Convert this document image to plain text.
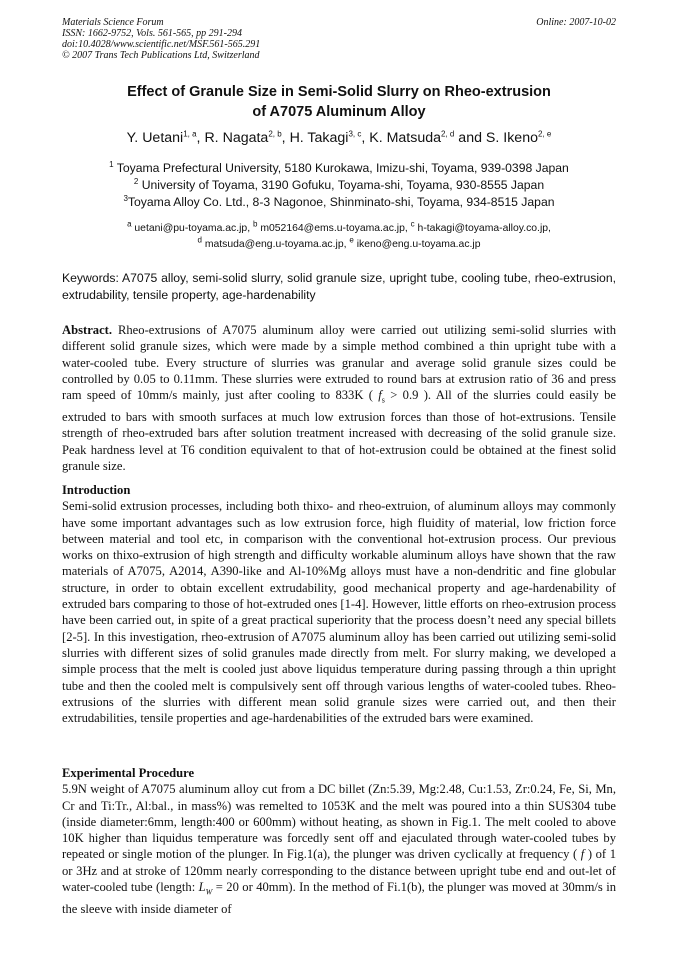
Materials Science Forum
ISSN: 1662-9752, Vols. 561-565, pp 291-294
doi:10.4028/www.scientific.net/MSF.561-565.291
© 2007 Trans Tech Publications Ltd, Switzerland
Online: 2007-10-02
Effect of Granule Size in Semi-Solid Slurry on Rheo-extrusion
of A7075 Aluminum Alloy
Y. Uetani$^{1, a}$, R. Nagata$^{2, b}$, H. Takagi$^{3, c}$, K. Matsuda$^{2, d}$ and S. Ikeno$^{2, e}$
$^1$ Toyama Prefectural University, 5180 Kurokawa, Imizu-shi, Toyama, 939-0398 Japan
$^2$ University of Toyama, 3190 Gofuku, Toyama-shi, Toyama, 930-8555 Japan
$^3$Toyama Alloy Co. Ltd., 8-3 Nagonoe, Shinminato-shi, Toyama, 934-8515 Japan
$^a$ uetani@pu-toyama.ac.jp, $^b$ m052164@ems.u-toyama.ac.jp, $^c$ h-takagi@toyama-alloy.co.jp,
$^d$ matsuda@eng.u-toyama.ac.jp, $^e$ ikeno@eng.u-toyama.ac.jp
Keywords: A7075 alloy, semi-solid slurry, solid granule size, upright tube, cooling tube, rheo-extrusion, extrudability, tensile property, age-hardenability
Abstract. Rheo-extrusions of A7075 aluminum alloy were carried out utilizing semi-solid slurries with different solid granule sizes, which were made by a simple method combined a thin upright tube with a water-cooled tube. Every structure of slurries was granular and average solid granule sizes could be controlled by 0.05 to 0.11mm. These slurries were extruded to round bars at extrusion ratio of 36 and press ram speed of 10mm/s mainly, just after cooling to 833K ( $f_s > 0.9$ ). All of the slurries could easily be extruded to bars with smooth surfaces at much low extrusion forces than those of hot-extrusions. Tensile strength of rheo-extruded bars after solution treatment increased with decreasing of the solid granule size. Peak hardness level at T6 condition equivalent to that of hot-extrusion could be obtained at the finest solid granule size.
Introduction
Semi-solid extrusion processes, including both thixo- and rheo-extruion, of aluminum alloys may commonly have some important advantages such as low extrusion force, high fluidity of material, low friction force between material and tool etc, in comparison with the conventional hot-extrusion process. Our previous works on thixo-extrusion of high strength and difficulty workable aluminum alloys have shown that the raw materials of A7075, A2014, A390-like and Al-10%Mg alloys must have a non-dendritic and fine globular structure, in order to obtain excellent extrudability, good mechanical property and age-hardenability of extruded bars comparing to those of hot-extruded ones [1-4]. However, little efforts on rheo-extrusion process have been carried out, in spite of a great practical superiority that the process doesn’t need any special billets [2-5]. In this investigation, rheo-extrusion of A7075 aluminum alloy has been carried out utilizing semi-solid slurries with different sizes of solid granules made directly from melt. For slurry making, we developed a simple process that the melt is cooled just above liquidus temperature during passing through a thin upright tube and then the cooled melt is compulsively sent off through various lengths of water-cooled tubes. Rheo-extrusions of the slurries with different mean solid granule sizes were carried out, and then their extrudabilities, tensile properties and age-hardenabilities of the extruded bars were examined.
Experimental Procedure
5.9N weight of A7075 aluminum alloy cut from a DC billet (Zn:5.39, Mg:2.48, Cu:1.53, Zr:0.24, Fe, Si, Mn, Cr and Ti:Tr., Al:bal., in mass%) was remelted to 1053K and the melt was poured into a thin SUS304 tube (inside diameter:6mm, length:400 or 600mm) without heating, as shown in Fig.1. The melt cooled to above 10K higher than liquidus temperature was forcedly sent off and ejaculated through water-cooled tubes by repeated or single motion of the plunger. In Fig.1(a), the plunger was driven cyclically at frequency ( f ) of 1 or 3Hz and at stroke of 120mm nearly corresponding to the distance between upright tube end and out-let of water-cooled tube (length: $L_W = 20$ or 40mm). In the method of Fi.1(b), the plunger was moved at 30mm/s in the sleeve with inside diameter of
